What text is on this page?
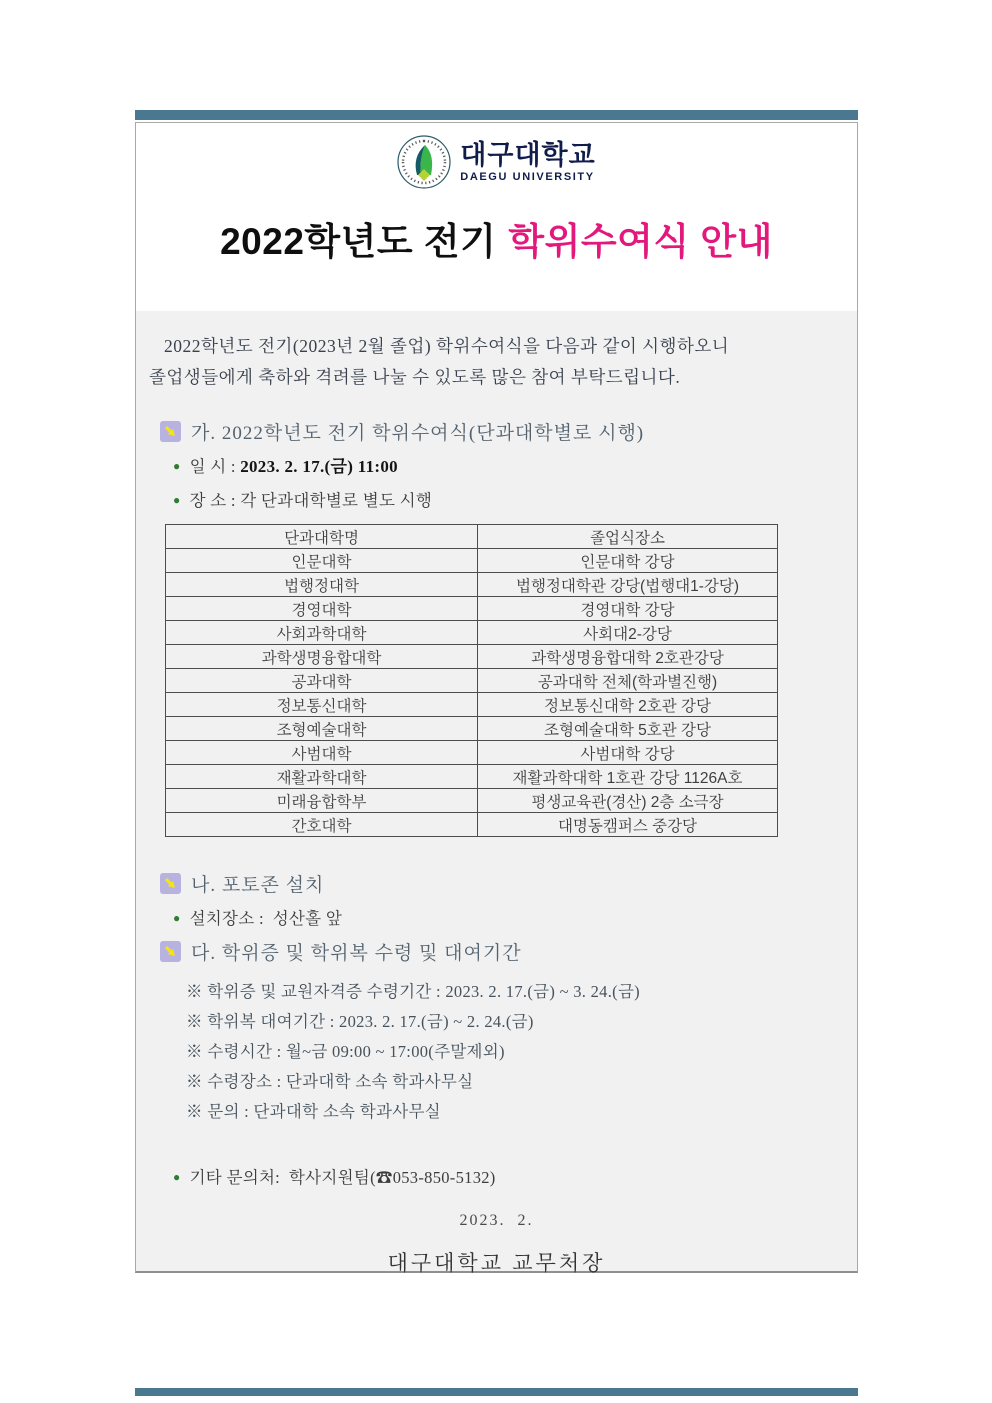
대구대학교
DAEGU UNIVERSITY
2022학년도 전기 학위수여식 안내
2022학년도 전기(2023년 2월 졸업) 학위수여식을 다음과 같이 시행하오니
졸업생들에게 축하와 격려를 나눌 수 있도록 많은 참여 부탁드립니다.
가. 2022학년도 전기 학위수여식(단과대학별로 시행)
● 일 시 : 2023. 2. 17.(금) 11:00
● 장 소 : 각 단과대학별로 별도 시행
단과대학명	졸업식장소
인문대학	인문대학 강당
법행정대학	법행정대학관 강당(법행대1-강당)
경영대학	경영대학 강당
사회과학대학	사회대2-강당
과학생명융합대학	과학생명융합대학 2호관강당
공과대학	공과대학 전체(학과별진행)
정보통신대학	정보통신대학 2호관 강당
조형예술대학	조형예술대학 5호관 강당
사범대학	사범대학 강당
재활과학대학	재활과학대학 1호관 강당 1126A호
미래융합학부	평생교육관(경산) 2층 소극장
간호대학	대명동캠퍼스 중강당
나. 포토존 설치
● 설치장소 :  성산홀 앞
다. 학위증 및 학위복 수령 및 대여기간
※ 학위증 및 교원자격증 수령기간 : 2023. 2. 17.(금) ~ 3. 24.(금)
※ 학위복 대여기간 : 2023. 2. 17.(금) ~ 2. 24.(금)
※ 수령시간 : 월~금 09:00 ~ 17:00(주말제외)
※ 수령장소 : 단과대학 소속 학과사무실
※ 문의 : 단과대학 소속 학과사무실
● 기타 문의처:  학사지원팀(☎053-850-5132)
2023.  2.
대구대학교 교무처장
